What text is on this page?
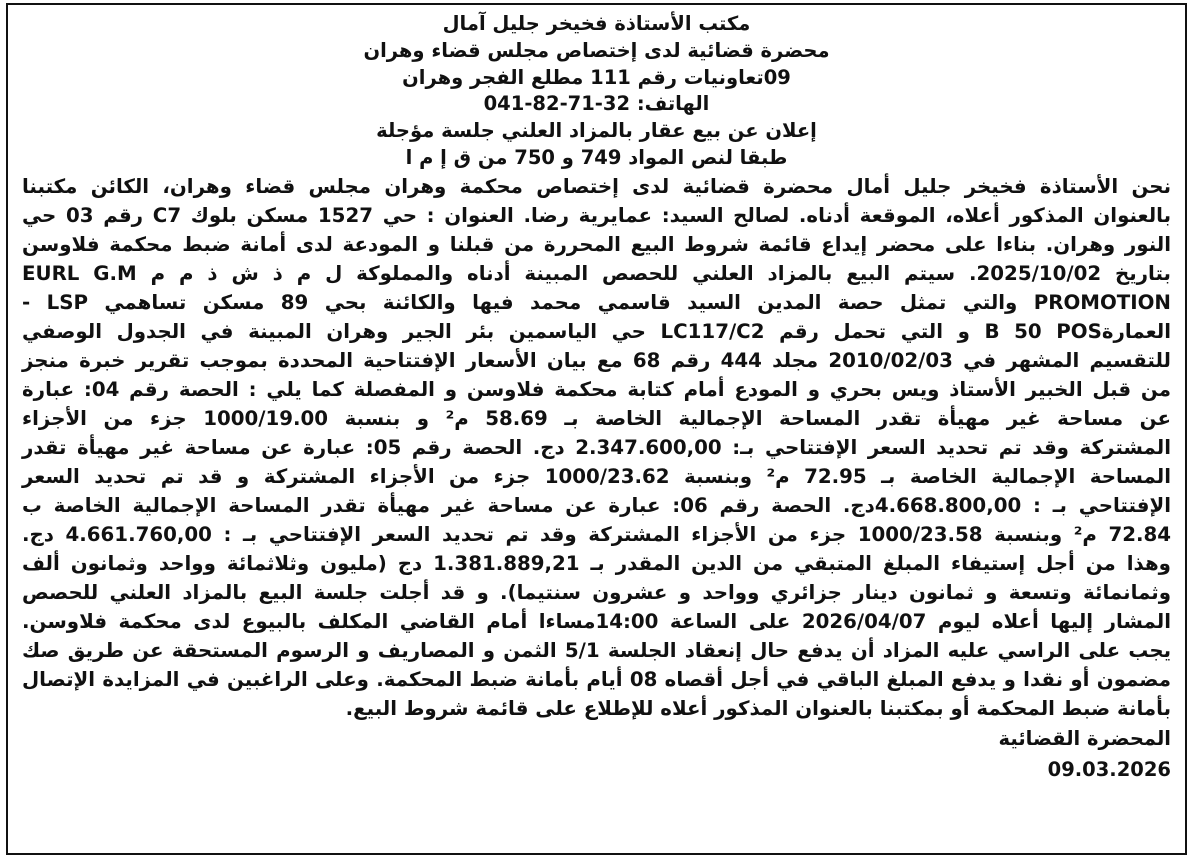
مكتب الأستاذة فخيخر جليل آمال
محضرة قضائية لدى إختصاص مجلس قضاء وهران
09تعاونيات رقم 111 مطلع الفجر وهران
الهاتف: 32-71-82-041
إعلان عن بيع عقار بالمزاد العلني جلسة مؤجلة
طبقا لنص المواد 749 و 750 من ق إ م ا
نحن الأستاذة فخيخر جليل أمال محضرة قضائية لدى إختصاص محكمة وهران مجلس قضاء وهران، الكائن مكتبنا
بالعنوان المذكور أعلاه، الموقعة أدناه. لصالح السيد: عمايرية رضا. العنوان : حي 1527 مسكن بلوك C7 رقم 03 حي
النور وهران. بناءا على محضر إيداع قائمة شروط البيع المحررة من قبلنا و المودعة لدى أمانة ضبط محكمة فلاوسن
بتاريخ 2025/10/02. سيتم البيع بالمزاد العلني للحصص المبينة أدناه والمملوكة ل م ذ ش ذ م م EURL G.M
PROMOTION والتي تمثل حصة المدين السيد قاسمي محمد فيها والكائنة بحي 89 مسكن تساهمي LSP -
العمارةB 50 POS و التي تحمل رقم LC117/C2 حي الياسمين بئر الجير وهران المبينة في الجدول الوصفي
للتقسيم المشهر في 2010/02/03 مجلد 444 رقم 68 مع بيان الأسعار الإفتتاحية المحددة بموجب تقرير خبرة منجز
من قبل الخبير الأستاذ ويس بحري و المودع أمام كتابة محكمة فلاوسن و المفصلة كما يلي : الحصة رقم 04: عبارة
عن مساحة غير مهيأة تقدر المساحة الإجمالية الخاصة بـ 58.69 م² و بنسبة 1000/19.00 جزء من الأجزاء
المشتركة وقد تم تحديد السعر الإفتتاحي بـ: 2.347.600,00 دج. الحصة رقم 05: عبارة عن مساحة غير مهيأة تقدر
المساحة الإجمالية الخاصة بـ 72.95 م² وبنسبة 1000/23.62 جزء من الأجزاء المشتركة و قد تم تحديد السعر
الإفتتاحي بـ : 4.668.800,00دج. الحصة رقم 06: عبارة عن مساحة غير مهيأة تقدر المساحة الإجمالية الخاصة ب
72.84 م² وبنسبة 1000/23.58 جزء من الأجزاء المشتركة وقد تم تحديد السعر الإفتتاحي بـ : 4.661.760,00 دج.
وهذا من أجل إستيفاء المبلغ المتبقي من الدين المقدر بـ 1.381.889,21 دج (مليون وثلاثمائة وواحد وثمانون ألف
وثمانمائة وتسعة و ثمانون دينار جزائري وواحد و عشرون سنتيما). و قد أجلت جلسة البيع بالمزاد العلني للحصص
المشار إليها أعلاه ليوم 2026/04/07 على الساعة 14:00مساءا أمام القاضي المكلف بالبيوع لدى محكمة فلاوسن.
يجب على الراسي عليه المزاد أن يدفع حال إنعقاد الجلسة 5/1 الثمن و المصاريف و الرسوم المستحقة عن طريق صك
مضمون أو نقدا و يدفع المبلغ الباقي في أجل أقصاه 08 أيام بأمانة ضبط المحكمة. وعلى الراغبين في المزايدة الإتصال
بأمانة ضبط المحكمة أو بمكتبنا بالعنوان المذكور أعلاه للإطلاع على قائمة شروط البيع.
المحضرة القضائية
09.03.2026
